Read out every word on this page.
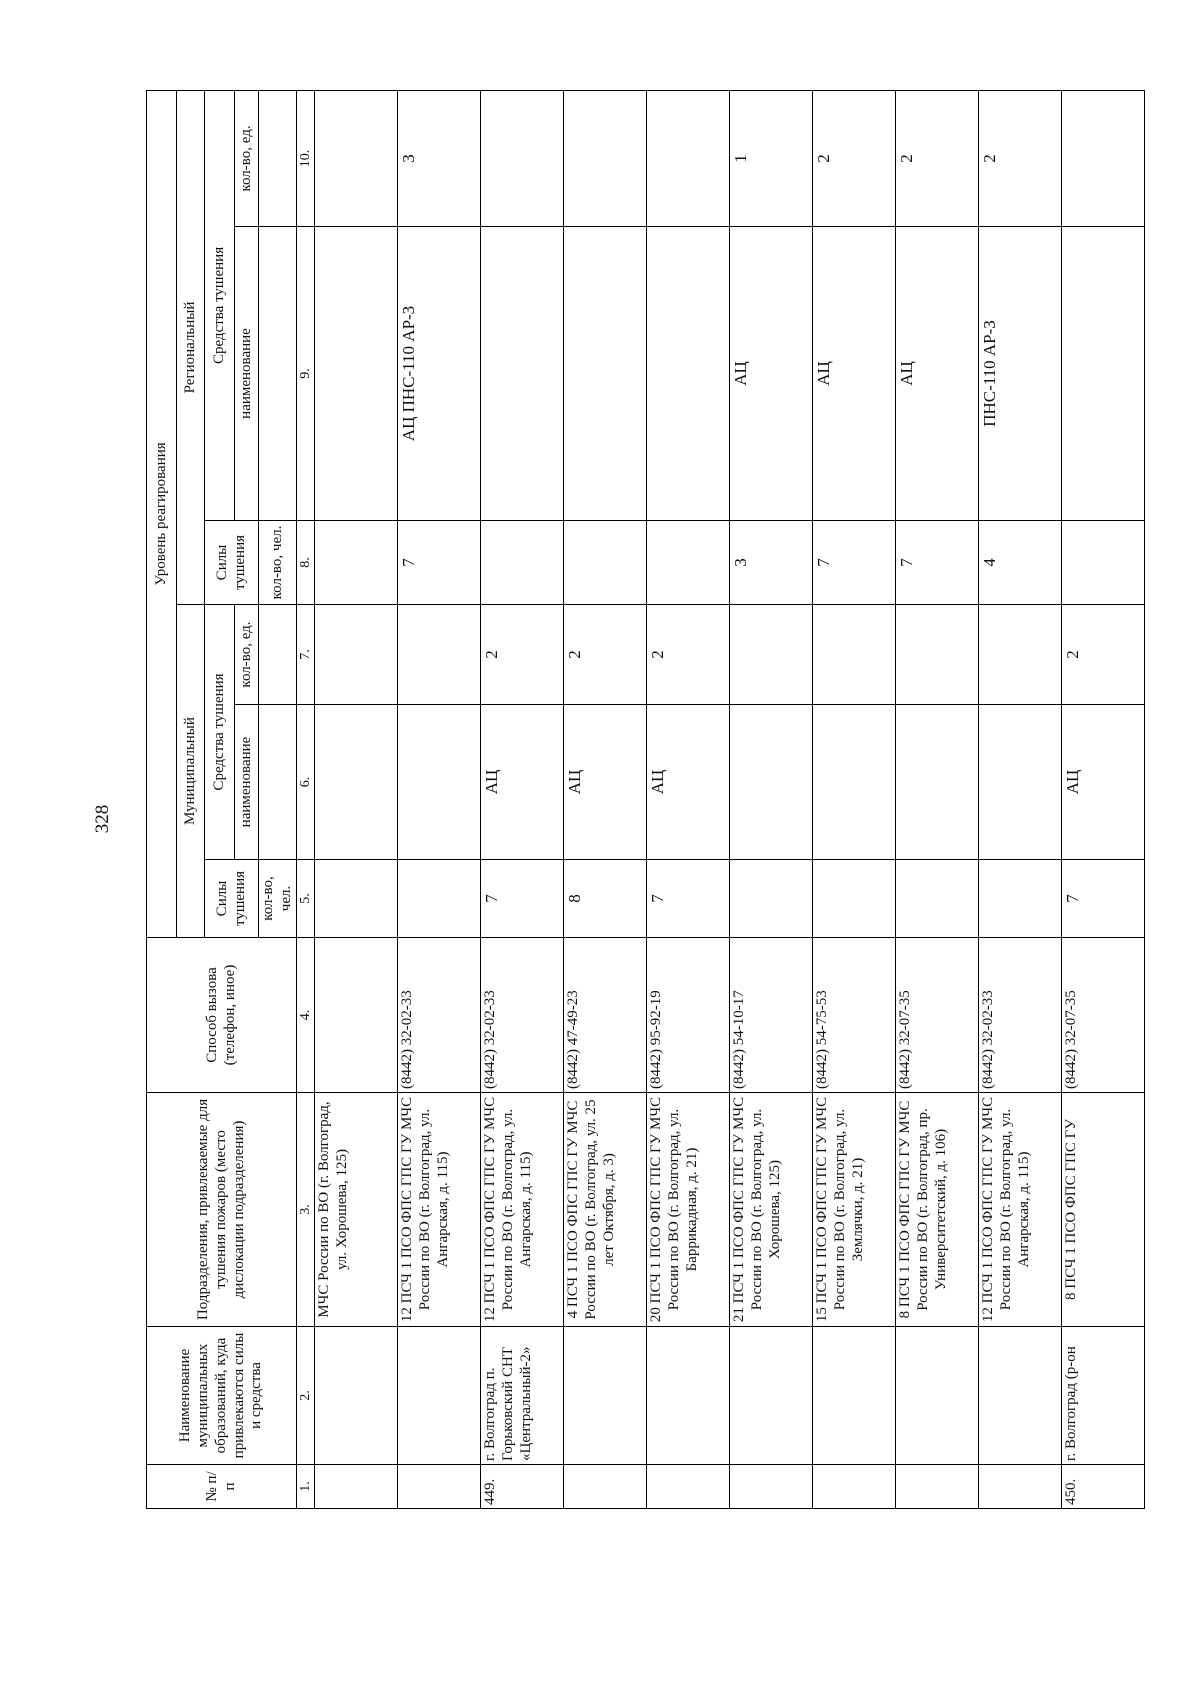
328
№ п/п	Наименование муниципальных образований, куда привлекаются силы и средства	Подразделения, привлекаемые для тушения пожаров (место дислокации подразделения)	Способ вызова (телефон, иное)	Уровень реагирования					
				Муниципальный			Региональный		
				Силы тушения	Средства тушения		Силы тушения	Средства тушения	
					наименование	кол-во, ед.		наименование	кол-во, ед.
				кол-во, чел.			кол-во, чел.		
1.	2.	3.	4.	5.	6.	7.	8.	9.	10.
		МЧС России по ВО (г. Волгоград, ул. Хорошева, 125)							
		12 ПСЧ 1 ПСО ФПС ГПС ГУ МЧС России по ВО (г. Волгоград, ул. Ангарская, д. 115)	(8442) 32-02-33				7	АЦ ПНС-110 АР-3	3
449.	г. Волгоград п. Горьковский СНТ «Центральный-2»	12 ПСЧ 1 ПСО ФПС ГПС ГУ МЧС России по ВО (г. Волгоград, ул. Ангарская, д. 115)	(8442) 32-02-33	7	АЦ	2			
		4 ПСЧ 1 ПСО ФПС ГПС ГУ МЧС России по ВО (г. Волгоград, ул. 25 лет Октября, д. 3)	(8442) 47-49-23	8	АЦ	2			
		20 ПСЧ 1 ПСО ФПС ГПС ГУ МЧС России по ВО (г. Волгоград, ул. Баррикадная, д. 21)	(8442) 95-92-19	7	АЦ	2			
		21 ПСЧ 1 ПСО ФПС ГПС ГУ МЧС России по ВО (г. Волгоград, ул. Хорошева, 125)	(8442) 54-10-17				3	АЦ	1
		15 ПСЧ 1 ПСО ФПС ГПС ГУ МЧС России по ВО (г. Волгоград, ул. Землячки, д. 21)	(8442) 54-75-53				7	АЦ	2
		8 ПСЧ 1 ПСО ФПС ГПС ГУ МЧС России по ВО (г. Волгоград, пр. Университетский, д. 106)	(8442) 32-07-35				7	АЦ	2
		12 ПСЧ 1 ПСО ФПС ГПС ГУ МЧС России по ВО (г. Волгоград, ул. Ангарская, д. 115)	(8442) 32-02-33				4	ПНС-110 АР-3	2
450.	г. Волгоград (р-он	8 ПСЧ 1 ПСО ФПС ГПС ГУ	(8442) 32-07-35	7	АЦ	2			
